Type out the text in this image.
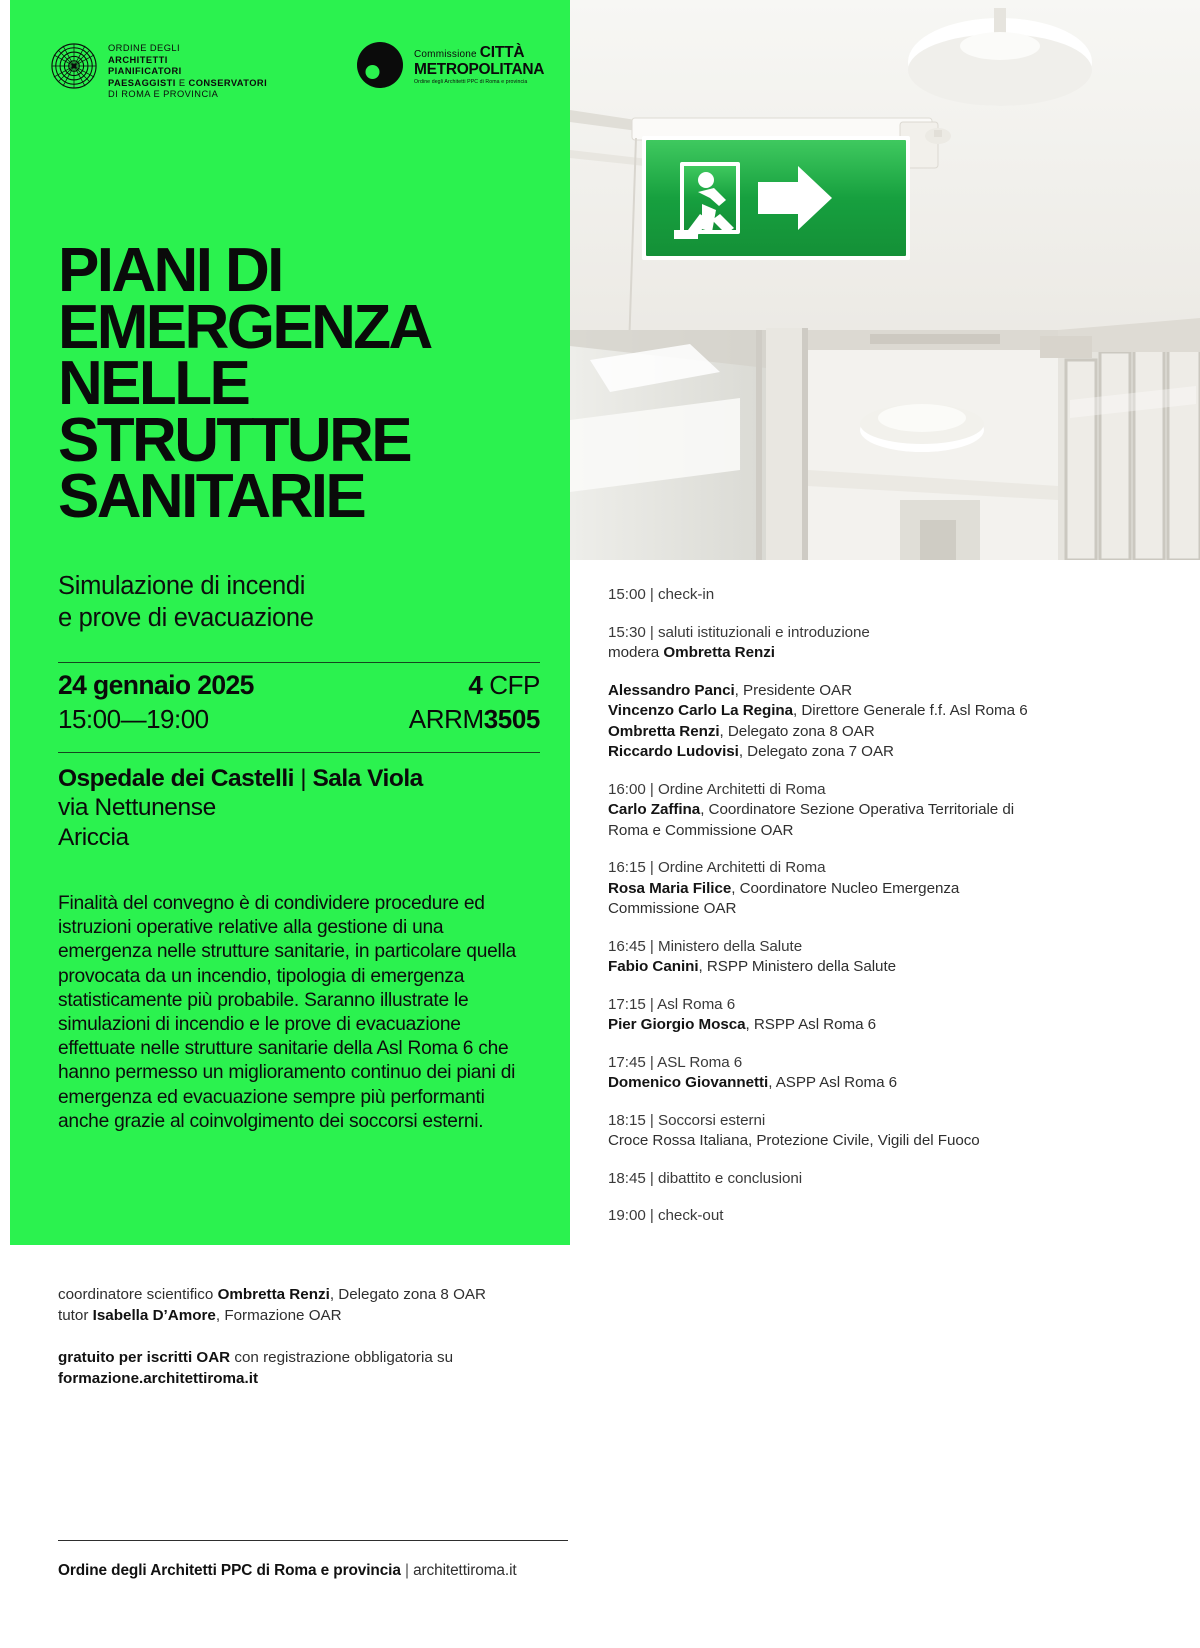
ORDINE DEGLI
ARCHITETTI
PIANIFICATORI
PAESAGGISTI E CONSERVATORI
DI ROMA E PROVINCIA
Commissione CITTÀ
METROPOLITANA
Ordine degli Architetti PPC di Roma e provincia
PIANI DI EMERGENZA NELLE STRUTTURE SANITARIE
Simulazione di incendi
e prove di evacuazione
24 gennaio 2025	4 CFP
15:00—19:00	ARRM3505
Ospedale dei Castelli | Sala Viola
via Nettunense
Ariccia
Finalità del convegno è di condividere procedure ed istruzioni operative relative alla gestione di una emergenza nelle strutture sanitarie, in particolare quella provocata da un incendio, tipologia di emergenza statisticamente più probabile. Saranno illustrate le simulazioni di incendio e le prove di evacuazione effettuate nelle strutture sanitarie della Asl Roma 6 che hanno permesso un miglioramento continuo dei piani di emergenza ed evacuazione sempre più performanti anche grazie al coinvolgimento dei soccorsi esterni.
15:00 | check-in
15:30 | saluti istituzionali e introduzione
modera Ombretta Renzi
Alessandro Panci, Presidente OAR
Vincenzo Carlo La Regina, Direttore Generale f.f. Asl Roma 6
Ombretta Renzi, Delegato zona 8 OAR
Riccardo Ludovisi, Delegato zona 7 OAR
16:00 | Ordine Architetti di Roma
Carlo Zaffina, Coordinatore Sezione Operativa Territoriale di
Roma e Commissione OAR
16:15 | Ordine Architetti di Roma
Rosa Maria Filice, Coordinatore Nucleo Emergenza
Commissione OAR
16:45 | Ministero della Salute
Fabio Canini, RSPP Ministero della Salute
17:15 | Asl Roma 6
Pier Giorgio Mosca, RSPP Asl Roma 6
17:45 | ASL Roma 6
Domenico Giovannetti, ASPP Asl Roma 6
18:15 | Soccorsi esterni
Croce Rossa Italiana, Protezione Civile, Vigili del Fuoco
18:45 | dibattito e conclusioni
19:00 | check-out
coordinatore scientifico Ombretta Renzi, Delegato zona 8 OAR
tutor Isabella D’Amore, Formazione OAR
gratuito per iscritti OAR con registrazione obbligatoria su
formazione.architettiroma.it
Ordine degli Architetti PPC di Roma e provincia | architettiroma.it
